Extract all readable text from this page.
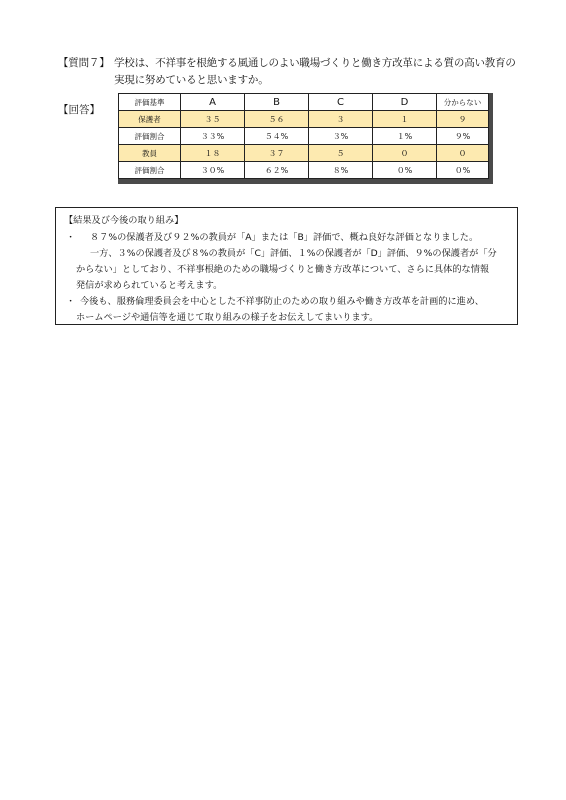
【質問７】 学校は、不祥事を根絶する風通しのよい職場づくりと働き方改革による質の高い教育の
実現に努めていると思いますか。
【回答】
評価基準	A	B	C	D	分からない
保護者	３５	５６	３	１	９
評価割合	３３%	５４%	３%	１%	９%
教員	１８	３７	５	０	０
評価割合	３０%	６２%	８%	０%	０%
【結果及び今後の取り組み】
・ ８７%の保護者及び９２%の教員が「A」または「B」評価で、概ね良好な評価となりました。
一方、３%の保護者及び８%の教員が「C」評価、１%の保護者が「D」評価、９%の保護者が「分
からない」としており、不祥事根絶のための職場づくりと働き方改革について、さらに具体的な情報
発信が求められていると考えます。
・ 今後も、服務倫理委員会を中心とした不祥事防止のための取り組みや働き方改革を計画的に進め、
ホームページや通信等を通じて取り組みの様子をお伝えしてまいります。
